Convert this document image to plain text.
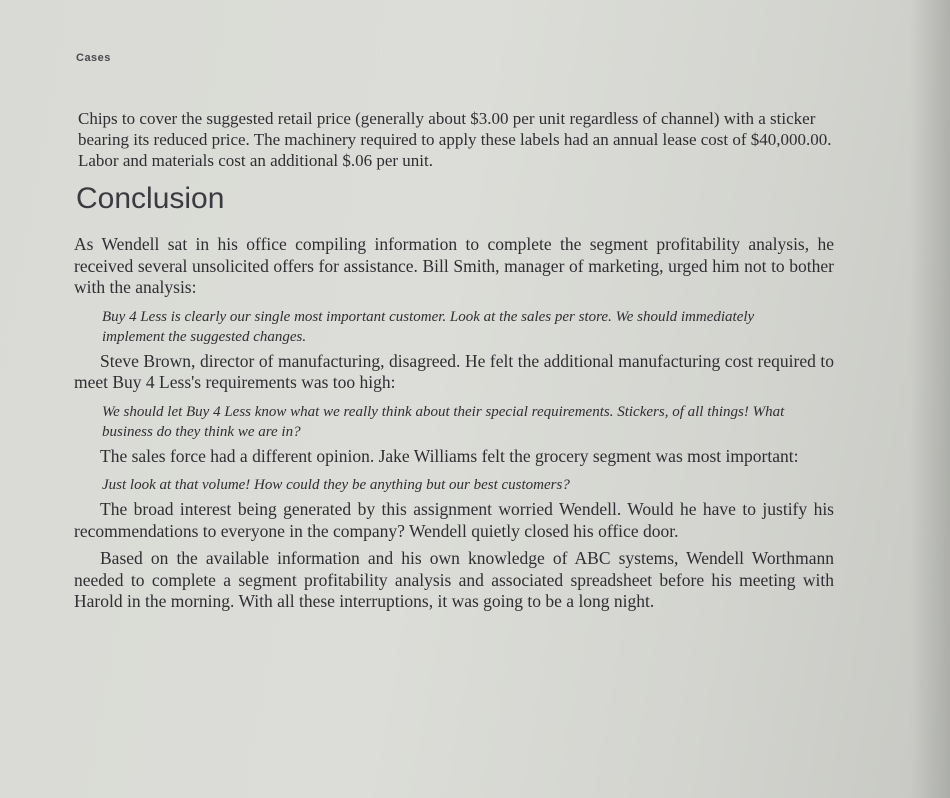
Cases

Chips to cover the suggested retail price (generally about $3.00 per unit regardless of channel) with a sticker bearing its reduced price. The machinery required to apply these labels had an annual lease cost of $40,000.00. Labor and materials cost an additional $.06 per unit.

Conclusion

As Wendell sat in his office compiling information to complete the segment profitability analysis, he received several unsolicited offers for assistance. Bill Smith, manager of marketing, urged him not to bother with the analysis:

Buy 4 Less is clearly our single most important customer. Look at the sales per store. We should immediately implement the suggested changes.

Steve Brown, director of manufacturing, disagreed. He felt the additional manufacturing cost required to meet Buy 4 Less's requirements was too high:

We should let Buy 4 Less know what we really think about their special requirements. Stickers, of all things! What business do they think we are in?

The sales force had a different opinion. Jake Williams felt the grocery segment was most important:

Just look at that volume! How could they be anything but our best customers?

The broad interest being generated by this assignment worried Wendell. Would he have to justify his recommendations to everyone in the company? Wendell quietly closed his office door.

Based on the available information and his own knowledge of ABC systems, Wendell Worthmann needed to complete a segment profitability analysis and associated spreadsheet before his meeting with Harold in the morning. With all these interruptions, it was going to be a long night.
